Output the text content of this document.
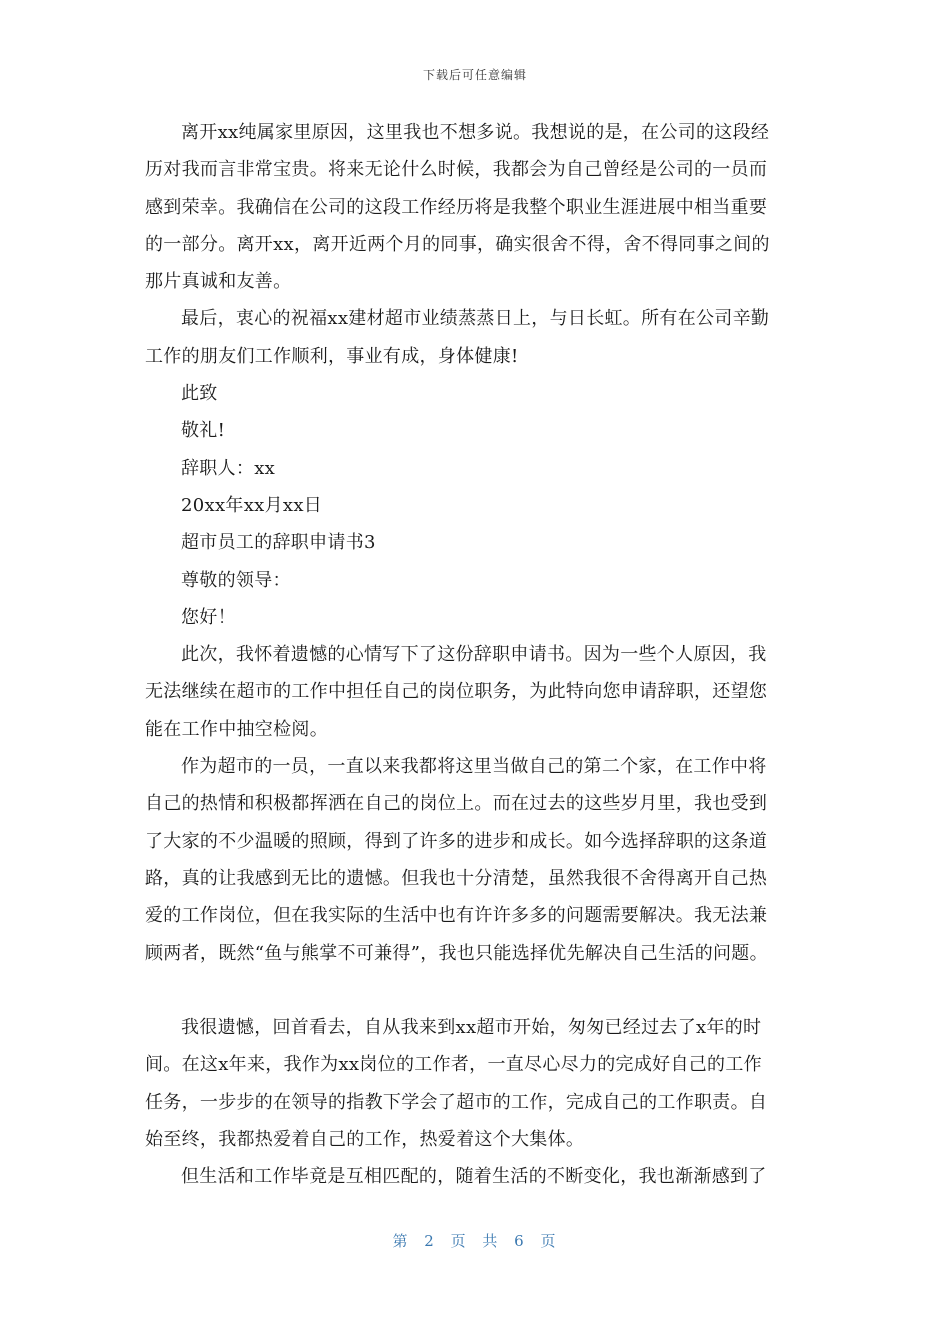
下载后可任意编辑
离开xx纯属家里原因，这里我也不想多说。我想说的是，在公司的这段经
历对我而言非常宝贵。将来无论什么时候，我都会为自己曾经是公司的一员而
感到荣幸。我确信在公司的这段工作经历将是我整个职业生涯进展中相当重要
的一部分。离开xx，离开近两个月的同事，确实很舍不得，舍不得同事之间的
那片真诚和友善。
最后，衷心的祝福xx建材超市业绩蒸蒸日上，与日长虹。所有在公司辛勤
工作的朋友们工作顺利，事业有成，身体健康!
此致
敬礼!
辞职人：xx
20xx年xx月xx日
超市员工的辞职申请书3
尊敬的领导：
您好！
此次，我怀着遗憾的心情写下了这份辞职申请书。因为一些个人原因，我
无法继续在超市的工作中担任自己的岗位职务，为此特向您申请辞职，还望您
能在工作中抽空检阅。
作为超市的一员，一直以来我都将这里当做自己的第二个家，在工作中将
自己的热情和积极都挥洒在自己的岗位上。而在过去的这些岁月里，我也受到
了大家的不少温暖的照顾，得到了许多的进步和成长。如今选择辞职的这条道
路，真的让我感到无比的遗憾。但我也十分清楚，虽然我很不舍得离开自己热
爱的工作岗位，但在我实际的生活中也有许许多多的问题需要解决。我无法兼
顾两者，既然“鱼与熊掌不可兼得”，我也只能选择优先解决自己生活的问题。
我很遗憾，回首看去，自从我来到xx超市开始，匆匆已经过去了x年的时
间。在这x年来，我作为xx岗位的工作者，一直尽心尽力的完成好自己的工作
任务，一步步的在领导的指教下学会了超市的工作，完成自己的工作职责。自
始至终，我都热爱着自己的工作，热爱着这个大集体。
但生活和工作毕竟是互相匹配的，随着生活的不断变化，我也渐渐感到了
第 2 页 共 6 页
